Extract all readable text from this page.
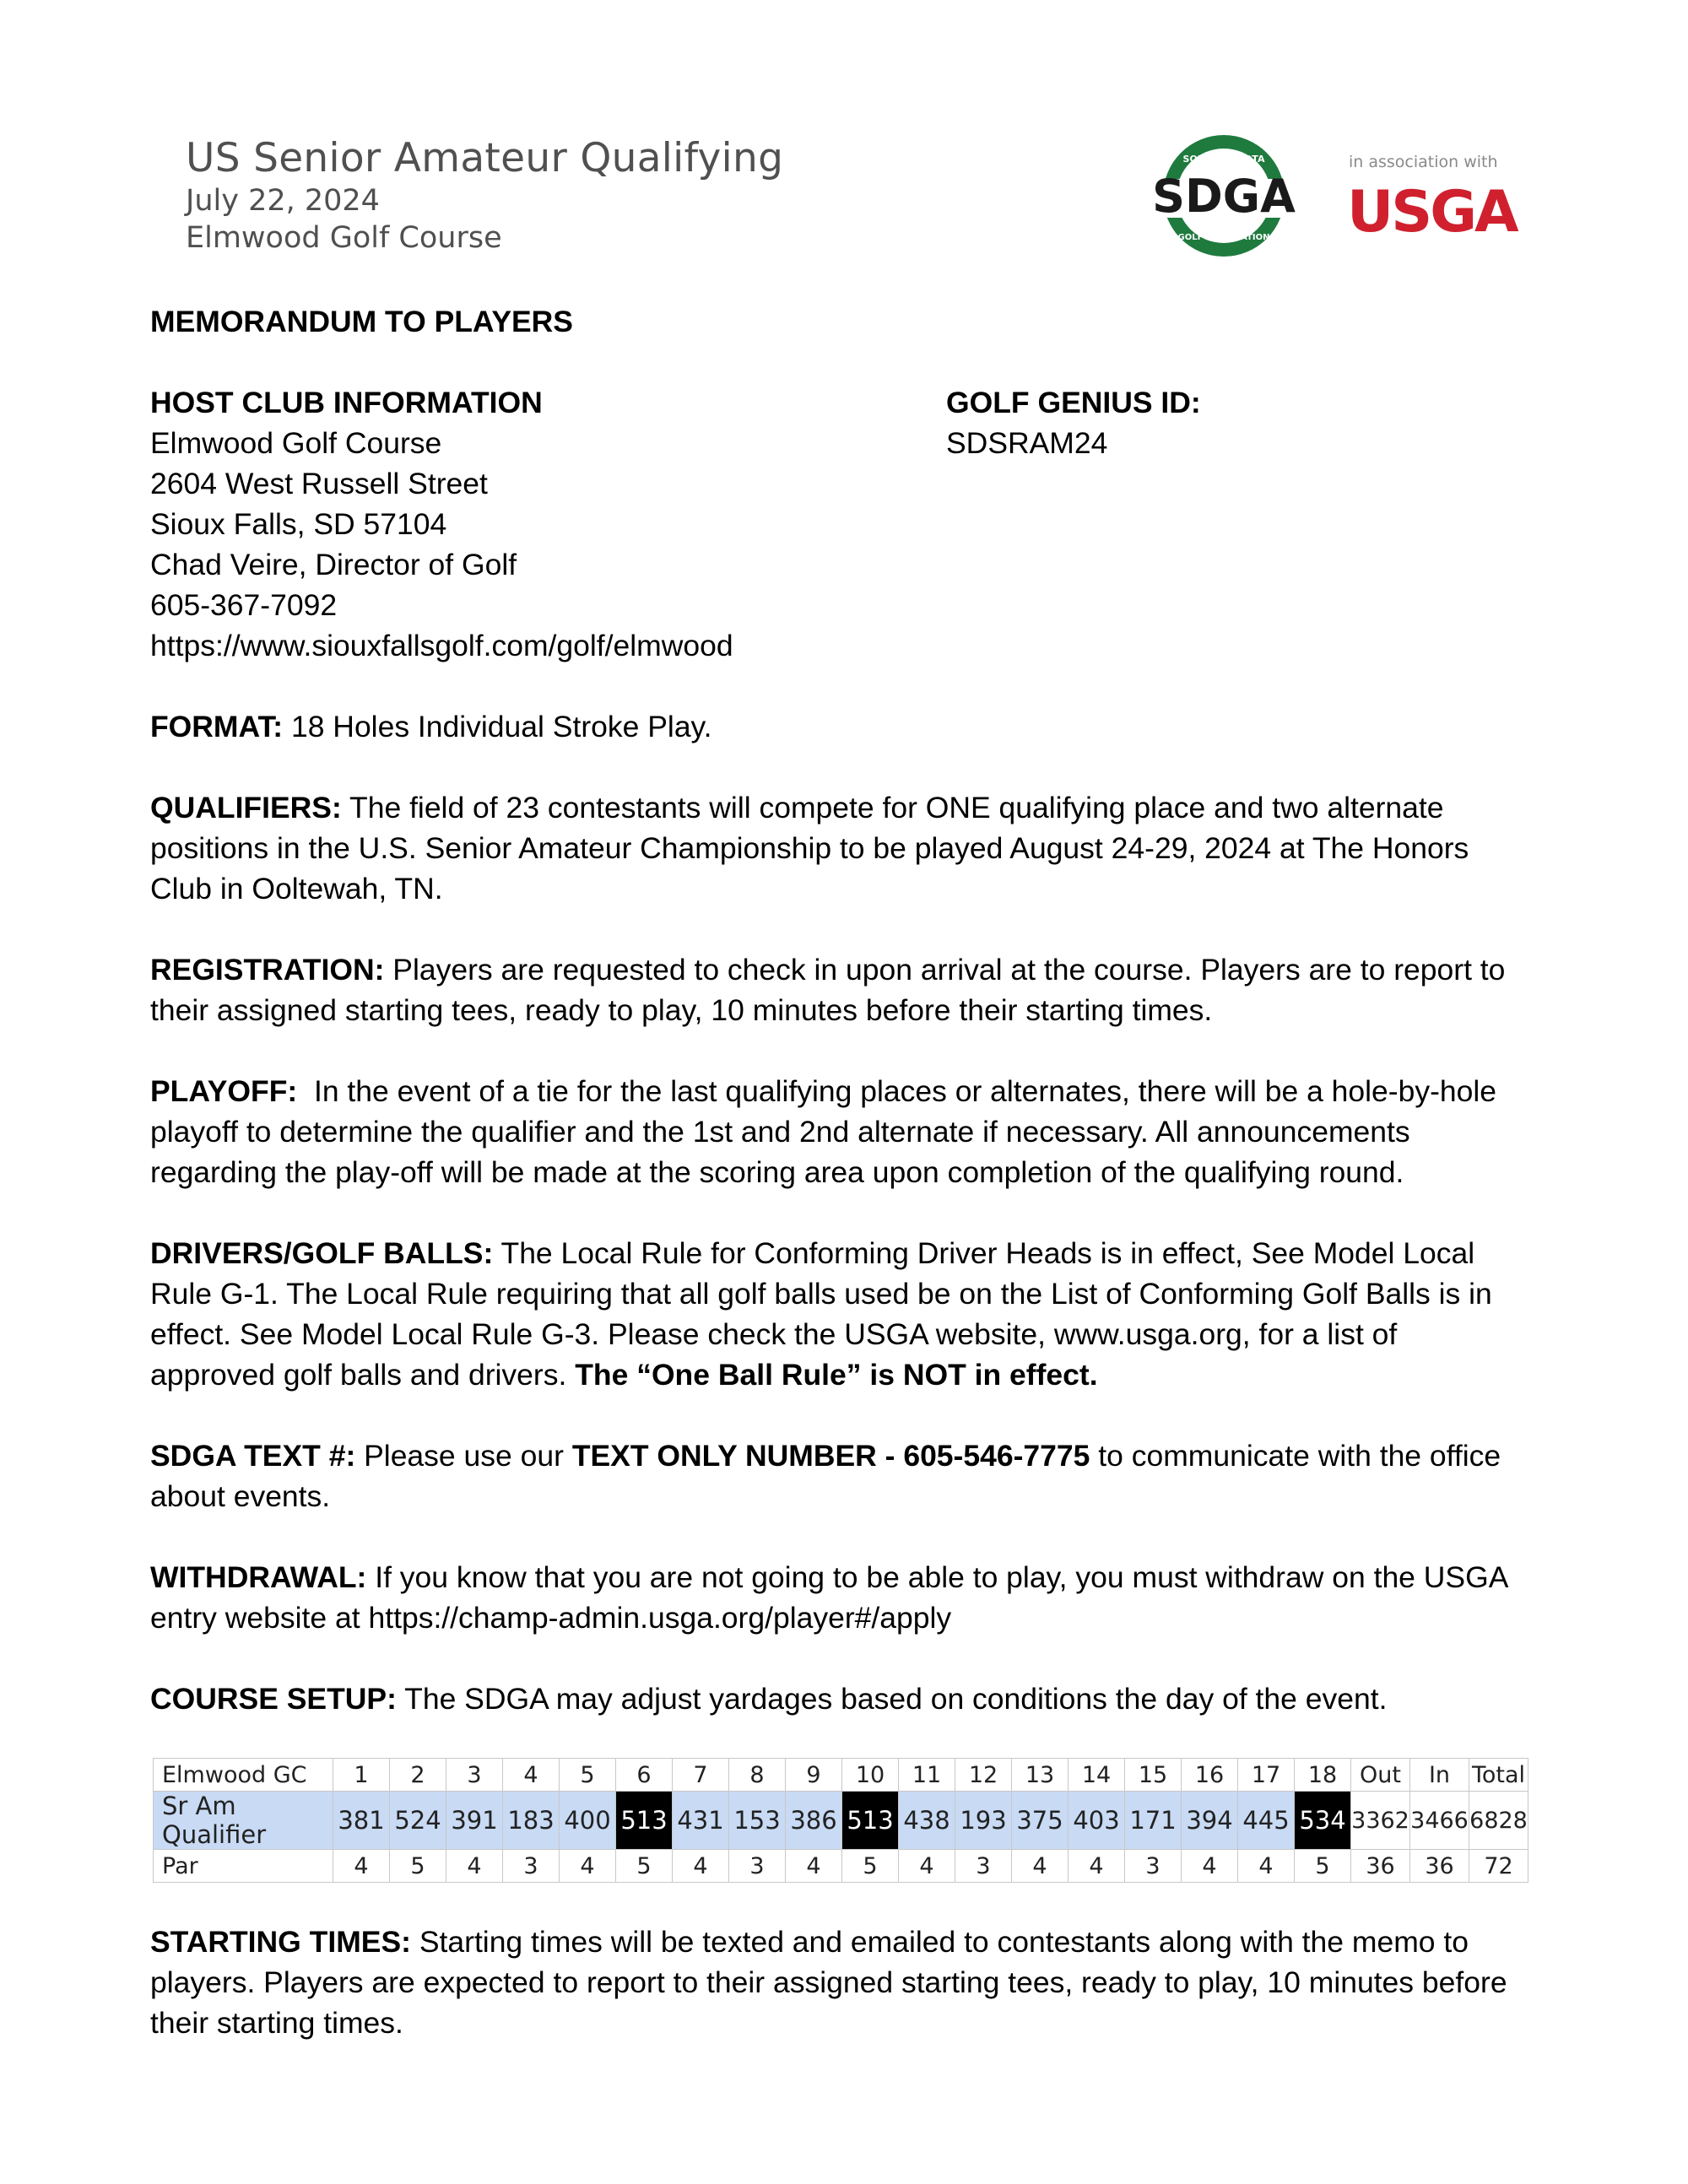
US Senior Amateur Qualifying
July 22, 2024
Elmwood Golf Course
SDGA
SOUTH DAKOTA
GOLF ASSOCIATION
in association with
USGA
MEMORANDUM TO PLAYERS
HOST CLUB INFORMATION
Elmwood Golf Course
2604 West Russell Street
Sioux Falls, SD 57104
Chad Veire, Director of Golf
605-367-7092
https://www.siouxfallsgolf.com/golf/elmwood
GOLF GENIUS ID:
SDSRAM24
FORMAT: 18 Holes Individual Stroke Play.
QUALIFIERS: The field of 23 contestants will compete for ONE qualifying place and two alternate
positions in the U.S. Senior Amateur Championship to be played August 24-29, 2024 at The Honors
Club in Ooltewah, TN.
REGISTRATION: Players are requested to check in upon arrival at the course. Players are to report to
their assigned starting tees, ready to play, 10 minutes before their starting times.
PLAYOFF:  In the event of a tie for the last qualifying places or alternates, there will be a hole-by-hole
playoff to determine the qualifier and the 1st and 2nd alternate if necessary. All announcements
regarding the play-off will be made at the scoring area upon completion of the qualifying round.
DRIVERS/GOLF BALLS: The Local Rule for Conforming Driver Heads is in effect, See Model Local
Rule G-1. The Local Rule requiring that all golf balls used be on the List of Conforming Golf Balls is in
effect. See Model Local Rule G-3. Please check the USGA website, www.usga.org, for a list of
approved golf balls and drivers. The “One Ball Rule” is NOT in effect.
SDGA TEXT #: Please use our TEXT ONLY NUMBER - 605-546-7775 to communicate with the office
about events.
WITHDRAWAL: If you know that you are not going to be able to play, you must withdraw on the USGA
entry website at https://champ-admin.usga.org/player#/apply
COURSE SETUP: The SDGA may adjust yardages based on conditions the day of the event.
Elmwood GC	1	2	3	4	5	6	7	8	9	10	11	12	13	14	15	16	17	18	Out	In	Total
Sr Am Qualifier	381	524	391	183	400	513	431	153	386	513	438	193	375	403	171	394	445	534	3362	3466	6828
Par	4	5	4	3	4	5	4	3	4	5	4	3	4	4	3	4	4	5	36	36	72
STARTING TIMES: Starting times will be texted and emailed to contestants along with the memo to
players. Players are expected to report to their assigned starting tees, ready to play, 10 minutes before
their starting times.
